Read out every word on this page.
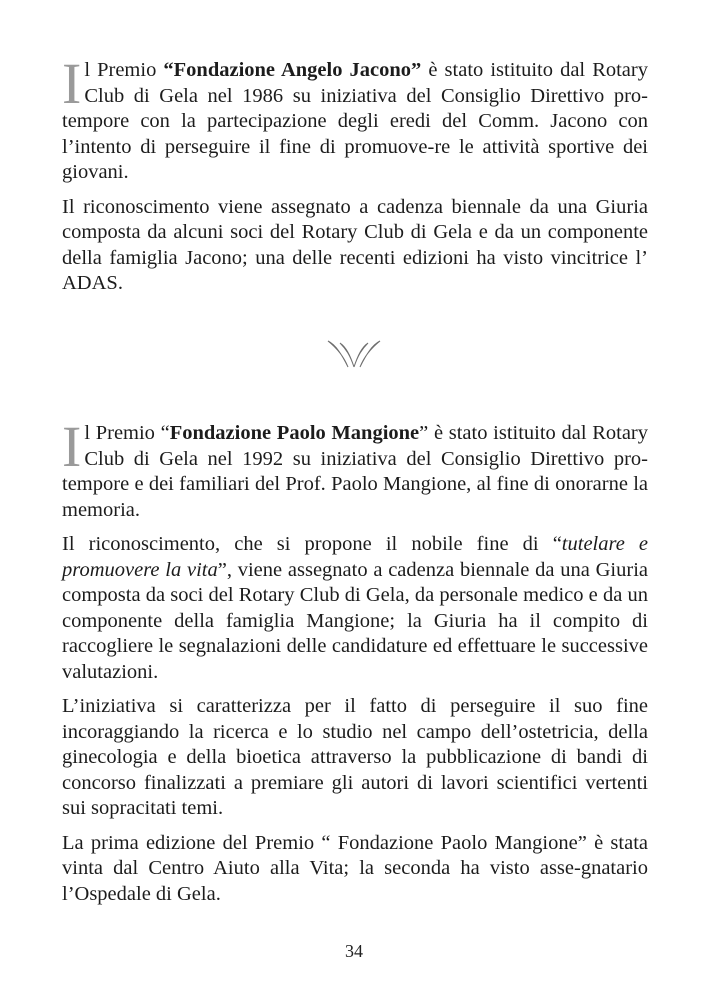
Il Premio “Fondazione Angelo Jacono” è stato istituito dal Rotary Club di Gela nel 1986 su iniziativa del Consiglio Direttivo pro-tempore con la partecipazione degli eredi del Comm. Jacono con l’intento di perseguire il fine di promuove-re le attività sportive dei giovani.

Il riconoscimento viene assegnato a cadenza biennale da una Giuria composta da alcuni soci del Rotary Club di Gela e da un componente della famiglia Jacono; una delle recenti edizioni ha visto vincitrice l’ ADAS.

Il Premio “Fondazione Paolo Mangione” è stato istituito dal Rotary Club di Gela nel 1992 su iniziativa del Consiglio Direttivo pro-tempore e dei familiari del Prof. Paolo Mangione, al fine di onorarne la memoria.

Il riconoscimento, che si propone il nobile fine di “tutelare e promuovere la vita”, viene assegnato a cadenza biennale da una Giuria composta da soci del Rotary Club di Gela, da personale medico e da un componente della famiglia Mangione; la Giuria ha il compito di raccogliere le segnalazioni delle candidature ed effettuare le successive valutazioni.

L’iniziativa si caratterizza per il fatto di perseguire il suo fine incoraggiando la ricerca e lo studio nel campo dell’ostetricia, della ginecologia e della bioetica attraverso la pubblicazione di bandi di concorso finalizzati a premiare gli autori di lavori scientifici vertenti sui sopracitati temi.

La prima edizione del Premio “ Fondazione Paolo Mangione” è stata vinta dal Centro Aiuto alla Vita; la seconda ha visto asse-gnatario l’Ospedale di Gela.

34
